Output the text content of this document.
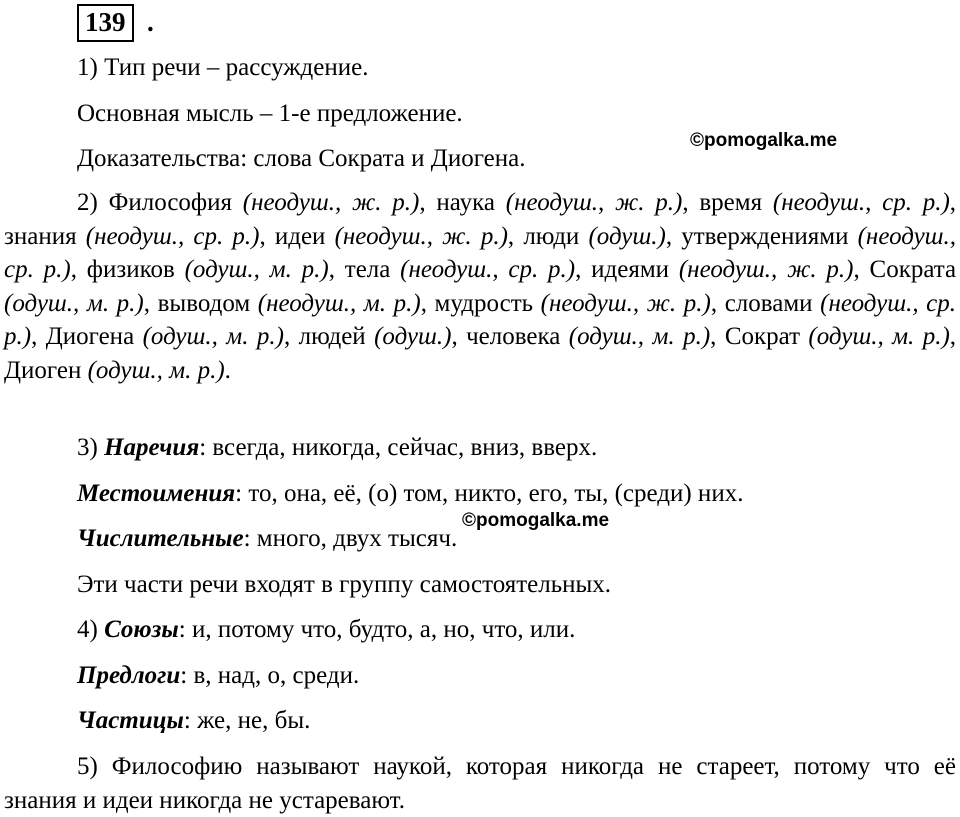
139 .
1) Тип речи – рассуждение.
Основная мысль – 1-е предложение.
Доказательства: слова Сократа и Диогена.
©pomogalka.me
2) Философия (неодуш., ж. р.), наука (неодуш., ж. р.), время (неодуш., ср. р.), знания (неодуш., ср. р.), идеи (неодуш., ж. р.), люди (одуш.), утверждениями (неодуш., ср. р.), физиков (одуш., м. р.), тела (неодуш., ср. р.), идеями (неодуш., ж. р.), Сократа (одуш., м. р.), выводом (неодуш., м. р.), мудрость (неодуш., ж. р.), словами (неодуш., ср. р.), Диогена (одуш., м. р.), людей (одуш.), человека (одуш., м. р.), Сократ (одуш., м. р.), Диоген (одуш., м. р.).
3) Наречия: всегда, никогда, сейчас, вниз, вверх.
Местоимения: то, она, её, (о) том, никто, его, ты, (среди) них.
©pomogalka.me
Числительные: много, двух тысяч.
Эти части речи входят в группу самостоятельных.
4) Союзы: и, потому что, будто, а, но, что, или.
Предлоги: в, над, о, среди.
Частицы: же, не, бы.
5) Философию называют наукой, которая никогда не стареет, потому что её знания и идеи никогда не устаревают.
